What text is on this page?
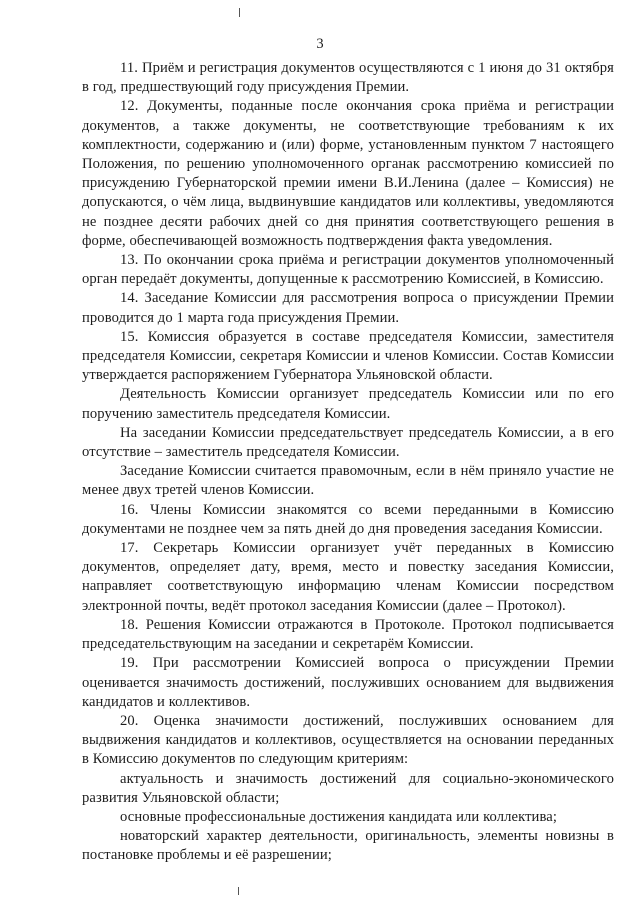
3

11. Приём и регистрация документов осуществляются с 1 июня до 31 октября в год, предшествующий году присуждения Премии.

12. Документы, поданные после окончания срока приёма и регистрации документов, а также документы, не соответствующие требованиям к их комплектности, содержанию и (или) форме, установленным пунктом 7 настоящего Положения, по решению уполномоченного органак рассмотрению комиссией по присуждению Губернаторской премии имени В.И.Ленина (далее – Комиссия) не допускаются, о чём лица, выдвинувшие кандидатов или коллективы, уведомляются не позднее десяти рабочих дней со дня принятия соответствующего решения в форме, обеспечивающей возможность подтверждения факта уведомления.

13. По окончании срока приёма и регистрации документов уполномоченный орган передаёт документы, допущенные к рассмотрению Комиссией, в Комиссию.

14. Заседание Комиссии для рассмотрения вопроса о присуждении Премии проводится до 1 марта года присуждения Премии.

15. Комиссия образуется в составе председателя Комиссии, заместителя председателя Комиссии, секретаря Комиссии и членов Комиссии. Состав Комиссии утверждается распоряжением Губернатора Ульяновской области.

Деятельность Комиссии организует председатель Комиссии или по его поручению заместитель председателя Комиссии.

На заседании Комиссии председательствует председатель Комиссии, а в его отсутствие – заместитель председателя Комиссии.

Заседание Комиссии считается правомочным, если в нём приняло участие не менее двух третей членов Комиссии.

16. Члены Комиссии знакомятся со всеми переданными в Комиссию документами не позднее чем за пять дней до дня проведения заседания Комиссии.

17. Секретарь Комиссии организует учёт переданных в Комиссию документов, определяет дату, время, место и повестку заседания Комиссии, направляет соответствующую информацию членам Комиссии посредством электронной почты, ведёт протокол заседания Комиссии (далее – Протокол).

18. Решения Комиссии отражаются в Протоколе. Протокол подписывается председательствующим на заседании и секретарём Комиссии.

19. При рассмотрении Комиссией вопроса о присуждении Премии оценивается значимость достижений, послуживших основанием для выдвижения кандидатов и коллективов.

20. Оценка значимости достижений, послуживших основанием для выдвижения кандидатов и коллективов, осуществляется на основании переданных в Комиссию документов по следующим критериям:

актуальность и значимость достижений для социально-экономического развития Ульяновской области;

основные профессиональные достижения кандидата или коллектива;

новаторский характер деятельности, оригинальность, элементы новизны в постановке проблемы и её разрешении;
